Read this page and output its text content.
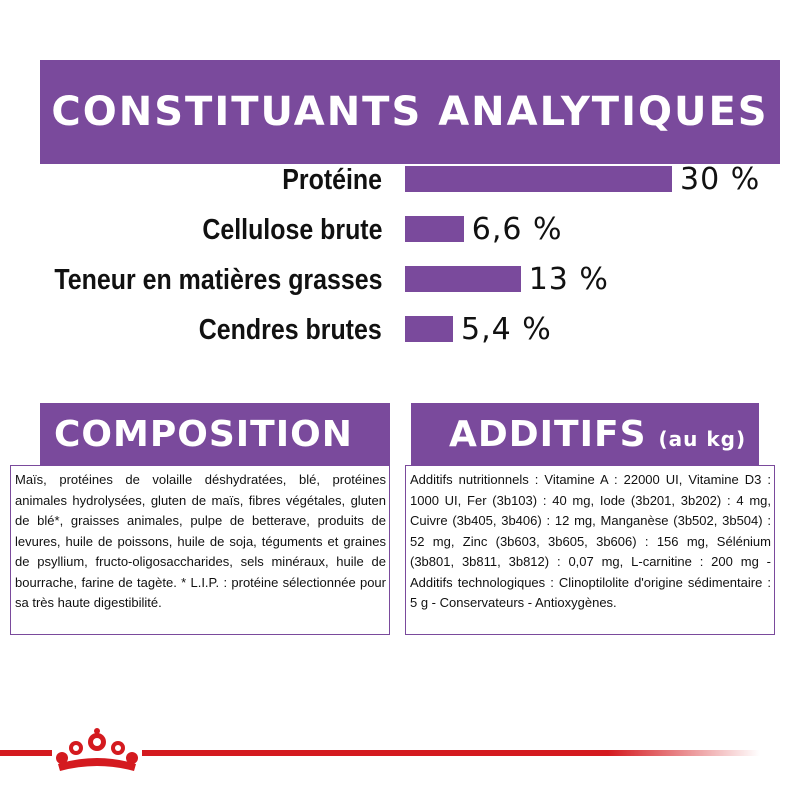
CONSTITUANTS ANALYTIQUES
Protéine	30 %
Cellulose brute	6,6 %
Teneur en matières grasses	13 %
Cendres brutes	5,4 %
COMPOSITION
Maïs, protéines de volaille déshydratées, blé, protéines animales hydrolysées, gluten de maïs, fibres végétales, gluten de blé*, graisses animales, pulpe de betterave, produits de levures, huile de poissons, huile de soja, téguments et graines de psyllium, fructo-oligosaccharides, sels minéraux, huile de bourrache, farine de tagète. * L.I.P. : protéine sélectionnée pour sa très haute digestibilité.
ADDITIFS (au kg)
Additifs nutritionnels : Vitamine A : 22000 UI, Vitamine D3 : 1000 UI, Fer (3b103) : 40 mg, Iode (3b201, 3b202) : 4 mg, Cuivre (3b405, 3b406) : 12 mg, Manganèse (3b502, 3b504) : 52 mg, Zinc (3b603, 3b605, 3b606) : 156 mg, Sélénium (3b801, 3b811, 3b812) : 0,07 mg, L-carnitine : 200 mg - Additifs technologiques : Clinoptilolite d'origine sédimentaire : 5 g - Conservateurs - Antioxygènes.
